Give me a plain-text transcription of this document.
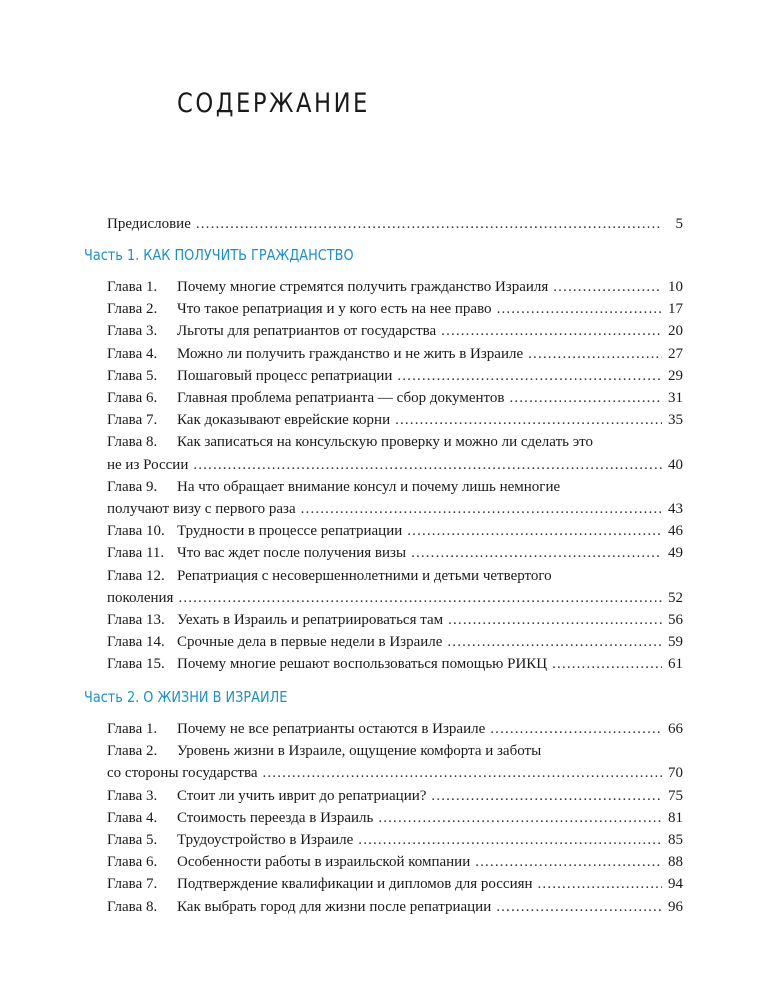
СОДЕРЖАНИЕ
Предисловие . . .	5
Часть 1. КАК ПОЛУЧИТЬ ГРАЖДАНСТВО
Глава 1.	Почему многие стремятся получить гражданство Израиля . . .	10
Глава 2.	Что такое репатриация и у кого есть на нее право . . .	17
Глава 3.	Льготы для репатриантов от государства . . .	20
Глава 4.	Можно ли получить гражданство и не жить в Израиле . . .	27
Глава 5.	Пошаговый процесс репатриации . . .	29
Глава 6.	Главная проблема репатрианта — сбор документов . . .	31
Глава 7.	Как доказывают еврейские корни . . .	35
Глава 8.	Как записаться на консульскую проверку и можно ли сделать это
не из России . . .	40
Глава 9.	На что обращает внимание консул и почему лишь немногие
получают визу с первого раза . . .	43
Глава 10. Трудности в процессе репатриации . . .	46
Глава 11. Что вас ждет после получения визы . . .	49
Глава 12. Репатриация с несовершеннолетними и детьми четвертого
поколения . . .	52
Глава 13. Уехать в Израиль и репатриироваться там . . .	56
Глава 14. Срочные дела в первые недели в Израиле . . .	59
Глава 15. Почему многие решают воспользоваться помощью РИКЦ . . .	61
Часть 2. О ЖИЗНИ В ИЗРАИЛЕ
Глава 1.	Почему не все репатрианты остаются в Израиле . . .	66
Глава 2.	Уровень жизни в Израиле, ощущение комфорта и заботы
со стороны государства . . .	70
Глава 3.	Стоит ли учить иврит до репатриации? . . .	75
Глава 4.	Стоимость переезда в Израиль . . .	81
Глава 5.	Трудоустройство в Израиле . . .	85
Глава 6.	Особенности работы в израильской компании . . .	88
Глава 7.	Подтверждение квалификации и дипломов для россиян . . .	94
Глава 8.	Как выбрать город для жизни после репатриации . . .	96
